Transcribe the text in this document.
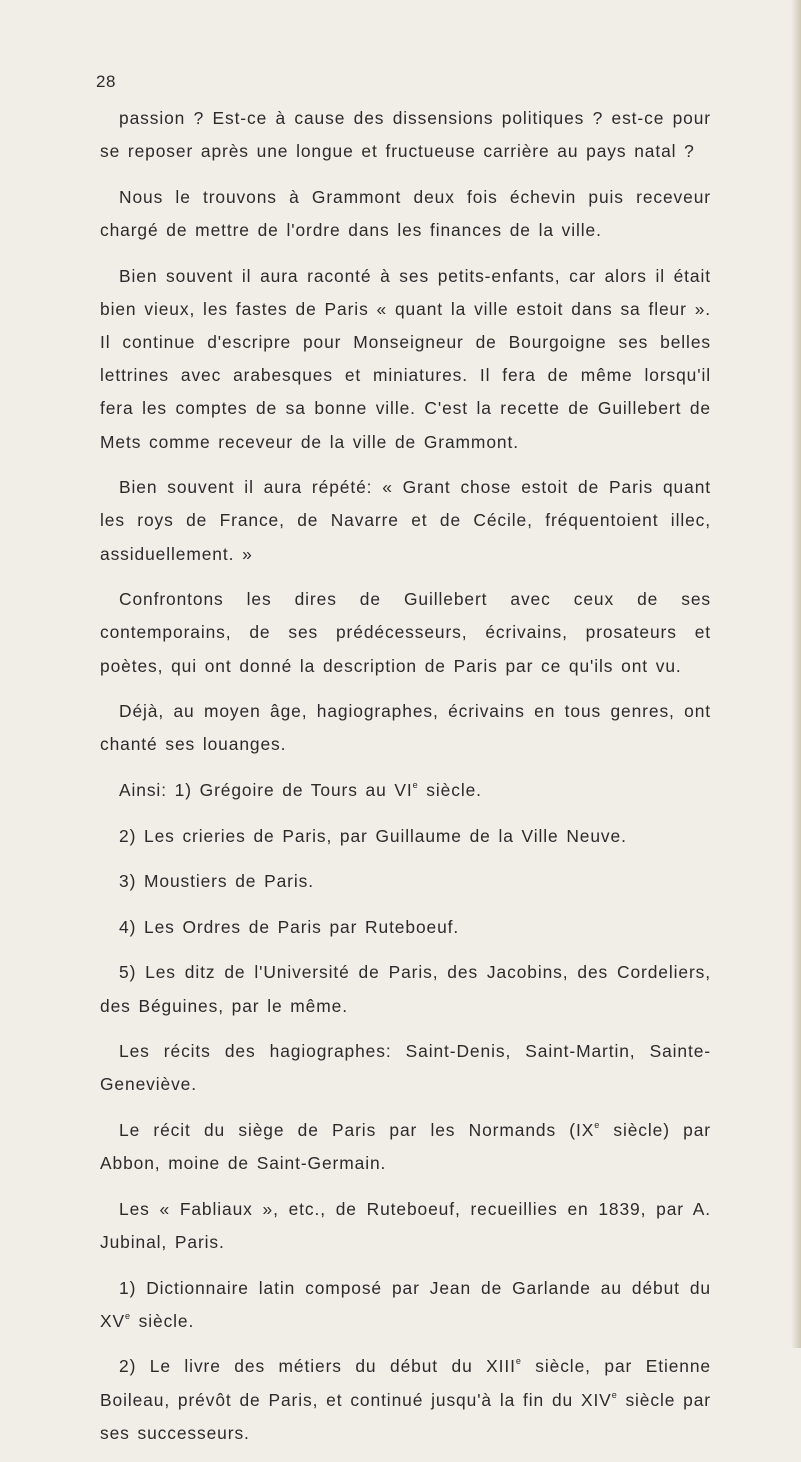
28

passion ? Est-ce à cause des dissensions politiques ? est-ce pour se reposer après une longue et fructueuse carrière au pays natal ?

Nous le trouvons à Grammont deux fois échevin puis receveur chargé de mettre de l'ordre dans les finances de la ville.

Bien souvent il aura raconté à ses petits-enfants, car alors il était bien vieux, les fastes de Paris « quant la ville estoit dans sa fleur ». Il continue d'escripre pour Monseigneur de Bourgoigne ses belles lettrines avec arabesques et miniatures. Il fera de même lorsqu'il fera les comptes de sa bonne ville. C'est la recette de Guillebert de Mets comme receveur de la ville de Grammont.

Bien souvent il aura répété: « Grant chose estoit de Paris quant les roys de France, de Navarre et de Cécile, fréquentoient illec, assiduellement. »

Confrontons les dires de Guillebert avec ceux de ses contemporains, de ses prédécesseurs, écrivains, prosateurs et poètes, qui ont donné la description de Paris par ce qu'ils ont vu.

Déjà, au moyen âge, hagiographes, écrivains en tous genres, ont chanté ses louanges.

Ainsi: 1) Grégoire de Tours au VIe siècle.

2) Les crieries de Paris, par Guillaume de la Ville Neuve.

3) Moustiers de Paris.

4) Les Ordres de Paris par Ruteboeuf.

5) Les ditz de l'Université de Paris, des Jacobins, des Cordeliers, des Béguines, par le même.

Les récits des hagiographes: Saint-Denis, Saint-Martin, Sainte-Geneviève.

Le récit du siège de Paris par les Normands (IXe siècle) par Abbon, moine de Saint-Germain.

Les « Fabliaux », etc., de Ruteboeuf, recueillies en 1839, par A. Jubinal, Paris.

1) Dictionnaire latin composé par Jean de Garlande au début du XVe siècle.

2) Le livre des métiers du début du XIIIe siècle, par Etienne Boileau, prévôt de Paris, et continué jusqu'à la fin du XIVe siècle par ses successeurs.
